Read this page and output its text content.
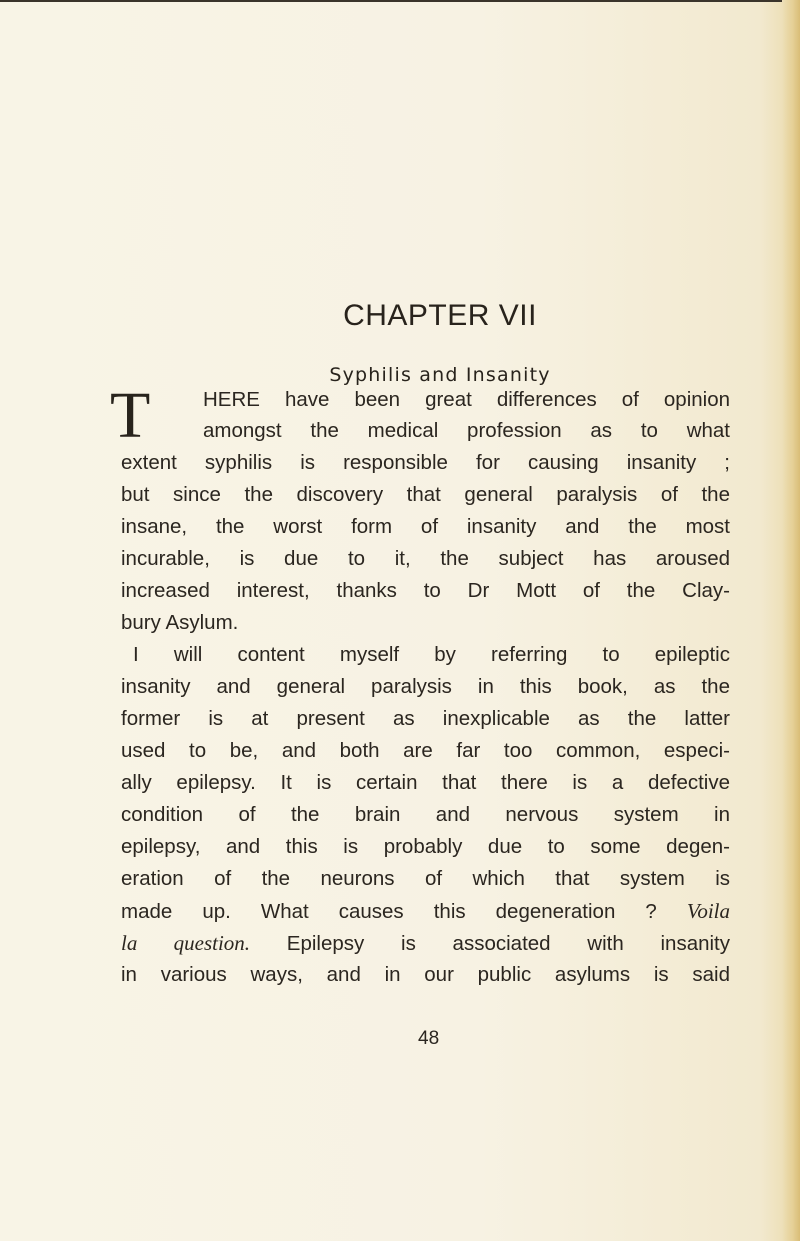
CHAPTER VII
Syphilis and Insanity
T	HERE have been great differences of opinion
amongst the medical profession as to what
extent syphilis is responsible for causing insanity ;
but since the discovery that general paralysis of the
insane, the worst form of insanity and the most
incurable, is due to it, the subject has aroused
increased interest, thanks to Dr Mott of the Clay-
bury Asylum.
I will content myself by referring to epileptic
insanity and general paralysis in this book, as the
former is at present as inexplicable as the latter
used to be, and both are far too common, especi-
ally epilepsy. It is certain that there is a defective
condition of the brain and nervous system in
epilepsy, and this is probably due to some degen-
eration of the neurons of which that system is
made up. What causes this degeneration ? Voila
la question. Epilepsy is associated with insanity
in various ways, and in our public asylums is said
48
